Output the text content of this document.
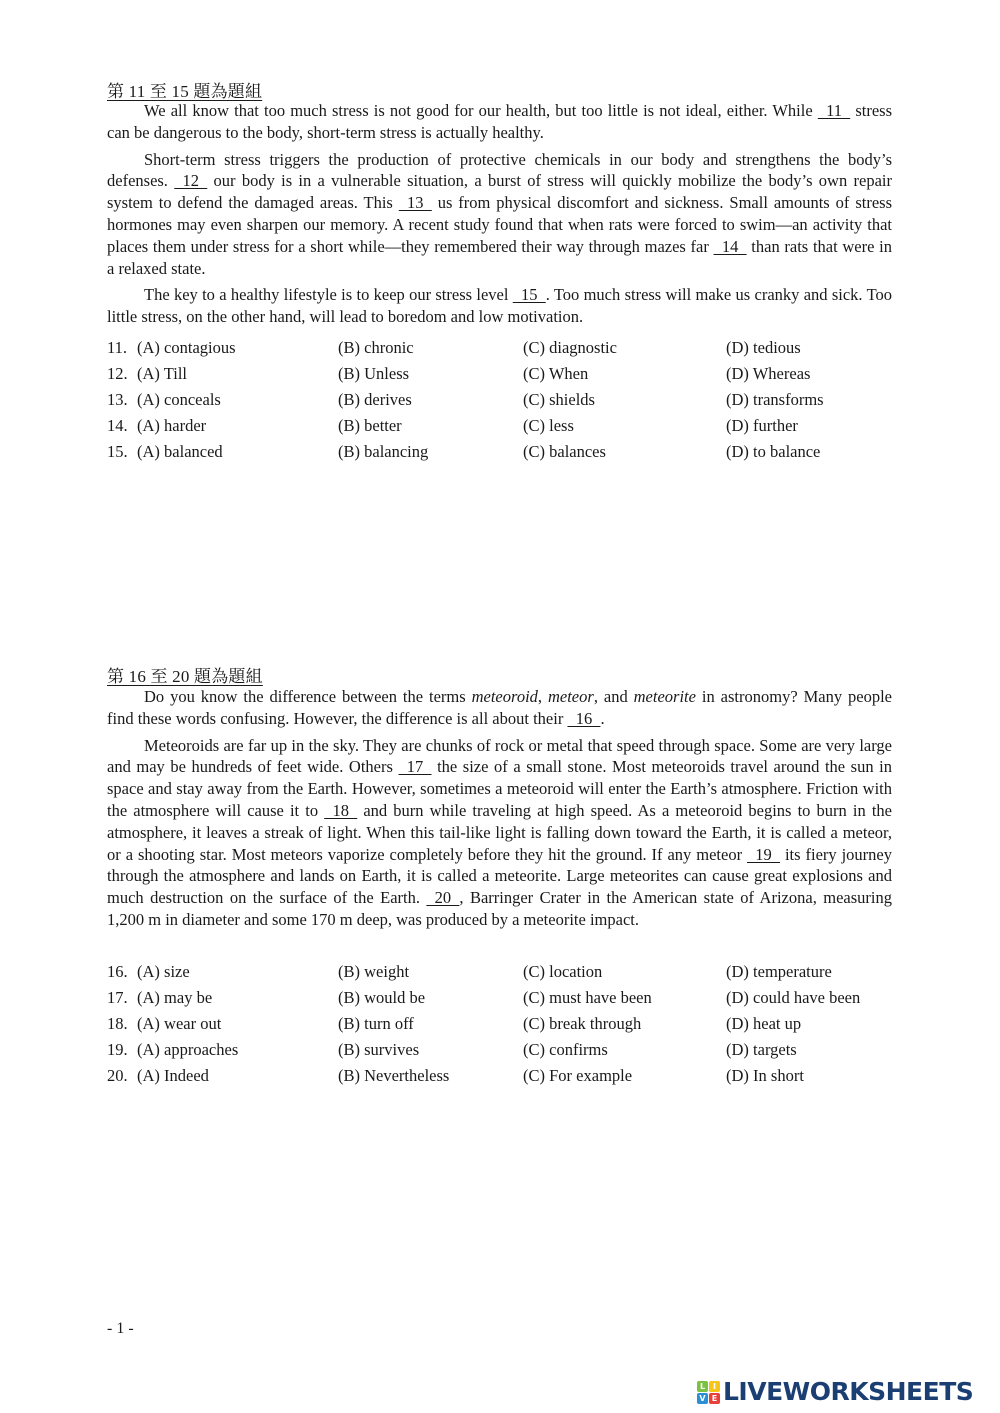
第 11 至 15 題為題組

We all know that too much stress is not good for our health, but too little is not ideal, either. While   11   stress can be dangerous to the body, short-term stress is actually healthy.

Short-term stress triggers the production of protective chemicals in our body and strengthens the body’s defenses.   12   our body is in a vulnerable situation, a burst of stress will quickly mobilize the body’s own repair system to defend the damaged areas. This   13   us from physical discomfort and sickness. Small amounts of stress hormones may even sharpen our memory. A recent study found that when rats were forced to swim—an activity that places them under stress for a short while—they remembered their way through mazes far   14   than rats that were in a relaxed state.

The key to a healthy lifestyle is to keep our stress level   15  . Too much stress will make us cranky and sick. Too little stress, on the other hand, will lead to boredom and low motivation.

11. (A) contagious	(B) chronic	(C) diagnostic	(D) tedious
12. (A) Till	(B) Unless	(C) When	(D) Whereas
13. (A) conceals	(B) derives	(C) shields	(D) transforms
14. (A) harder	(B) better	(C) less	(D) further
15. (A) balanced	(B) balancing	(C) balances	(D) to balance
第 16 至 20 題為題組

Do you know the difference between the terms meteoroid, meteor, and meteorite in astronomy? Many people find these words confusing. However, the difference is all about their   16  .

Meteoroids are far up in the sky. They are chunks of rock or metal that speed through space. Some are very large and may be hundreds of feet wide. Others   17   the size of a small stone. Most meteoroids travel around the sun in space and stay away from the Earth. However, sometimes a meteoroid will enter the Earth’s atmosphere. Friction with the atmosphere will cause it to   18   and burn while traveling at high speed. As a meteoroid begins to burn in the atmosphere, it leaves a streak of light. When this tail-like light is falling down toward the Earth, it is called a meteor, or a shooting star. Most meteors vaporize completely before they hit the ground. If any meteor   19   its fiery journey through the atmosphere and lands on Earth, it is called a meteorite. Large meteorites can cause great explosions and much destruction on the surface of the Earth.   20  , Barringer Crater in the American state of Arizona, measuring 1,200 m in diameter and some 170 m deep, was produced by a meteorite impact.

16. (A) size	(B) weight	(C) location	(D) temperature
17. (A) may be	(B) would be	(C) must have been	(D) could have been
18. (A) wear out	(B) turn off	(C) break through	(D) heat up
19. (A) approaches	(B) survives	(C) confirms	(D) targets
20. (A) Indeed	(B) Nevertheless	(C) For example	(D) In short
- 1 -
L I
V E LIVEWORKSHEETS
